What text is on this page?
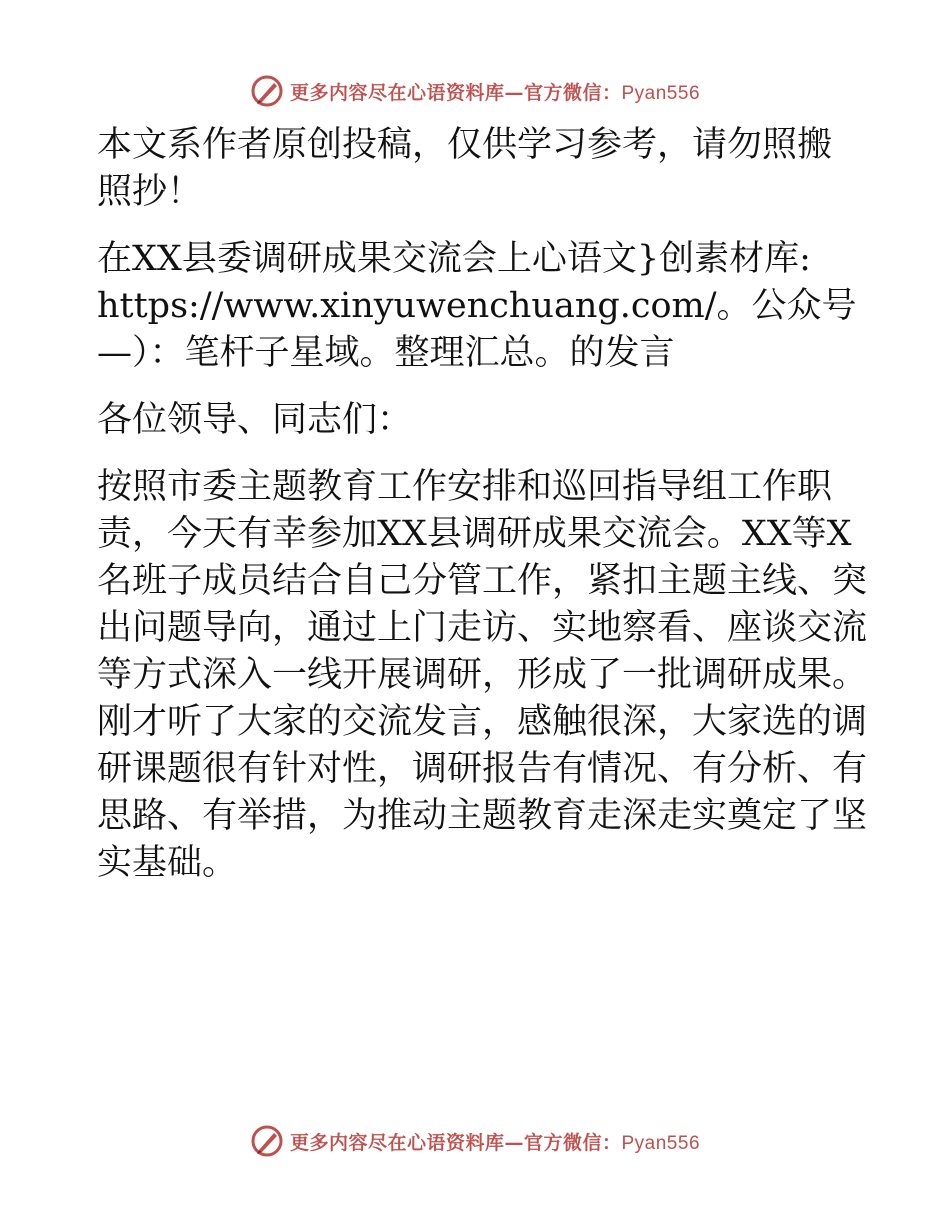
更多内容尽在心语资料库—官方微信：Pyan556
本文系作者原创投稿，仅供学习参考，请勿照搬
照抄！
在XX县委调研成果交流会上心语文}创素材库:
https://www.xinyuwenchuang.com/。公众号
—）：笔杆子星域。整理汇总。的发言
各位领导、同志们：
按照市委主题教育工作安排和巡回指导组工作职
责，今天有幸参加XX县调研成果交流会。XX等X
名班子成员结合自己分管工作，紧扣主题主线、突
出问题导向，通过上门走访、实地察看、座谈交流
等方式深入一线开展调研，形成了一批调研成果。
刚才听了大家的交流发言，感触很深，大家选的调
研课题很有针对性，调研报告有情况、有分析、有
思路、有举措，为推动主题教育走深走实奠定了坚
实基础。
更多内容尽在心语资料库—官方微信：Pyan556
